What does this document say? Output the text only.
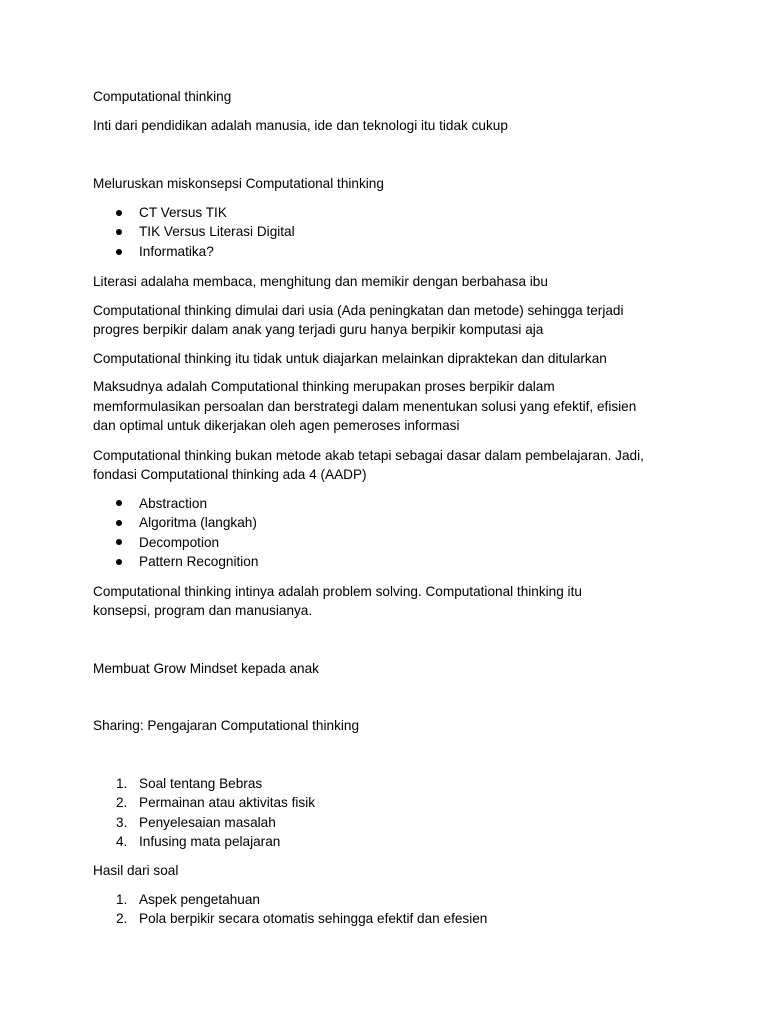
Computational thinking

Inti dari pendidikan adalah manusia, ide dan teknologi itu tidak cukup

Meluruskan miskonsepsi Computational thinking

CT Versus TIK

TIK Versus Literasi Digital

Informatika?

Literasi adalaha membaca, menghitung dan memikir dengan berbahasa ibu

Computational thinking dimulai dari usia (Ada peningkatan dan metode) sehingga terjadi

progres berpikir dalam anak yang terjadi guru hanya berpikir komputasi aja

Computational thinking itu tidak untuk diajarkan melainkan dipraktekan dan ditularkan

Maksudnya adalah Computational thinking merupakan proses berpikir dalam

memformulasikan persoalan dan berstrategi dalam menentukan solusi yang efektif, efisien

dan optimal untuk dikerjakan oleh agen pemeroses informasi

Computational thinking bukan metode akab tetapi sebagai dasar dalam pembelajaran. Jadi,

fondasi Computational thinking ada 4 (AADP)

Abstraction

Algoritma (langkah)

Decompotion

Pattern Recognition

Computational thinking intinya adalah problem solving. Computational thinking itu

konsepsi, program dan manusianya.

Membuat Grow Mindset kepada anak

Sharing: Pengajaran Computational thinking

1. Soal tentang Bebras

2. Permainan atau aktivitas fisik

3. Penyelesaian masalah

4. Infusing mata pelajaran

Hasil dari soal

1. Aspek pengetahuan

2. Pola berpikir secara otomatis sehingga efektif dan efesien
